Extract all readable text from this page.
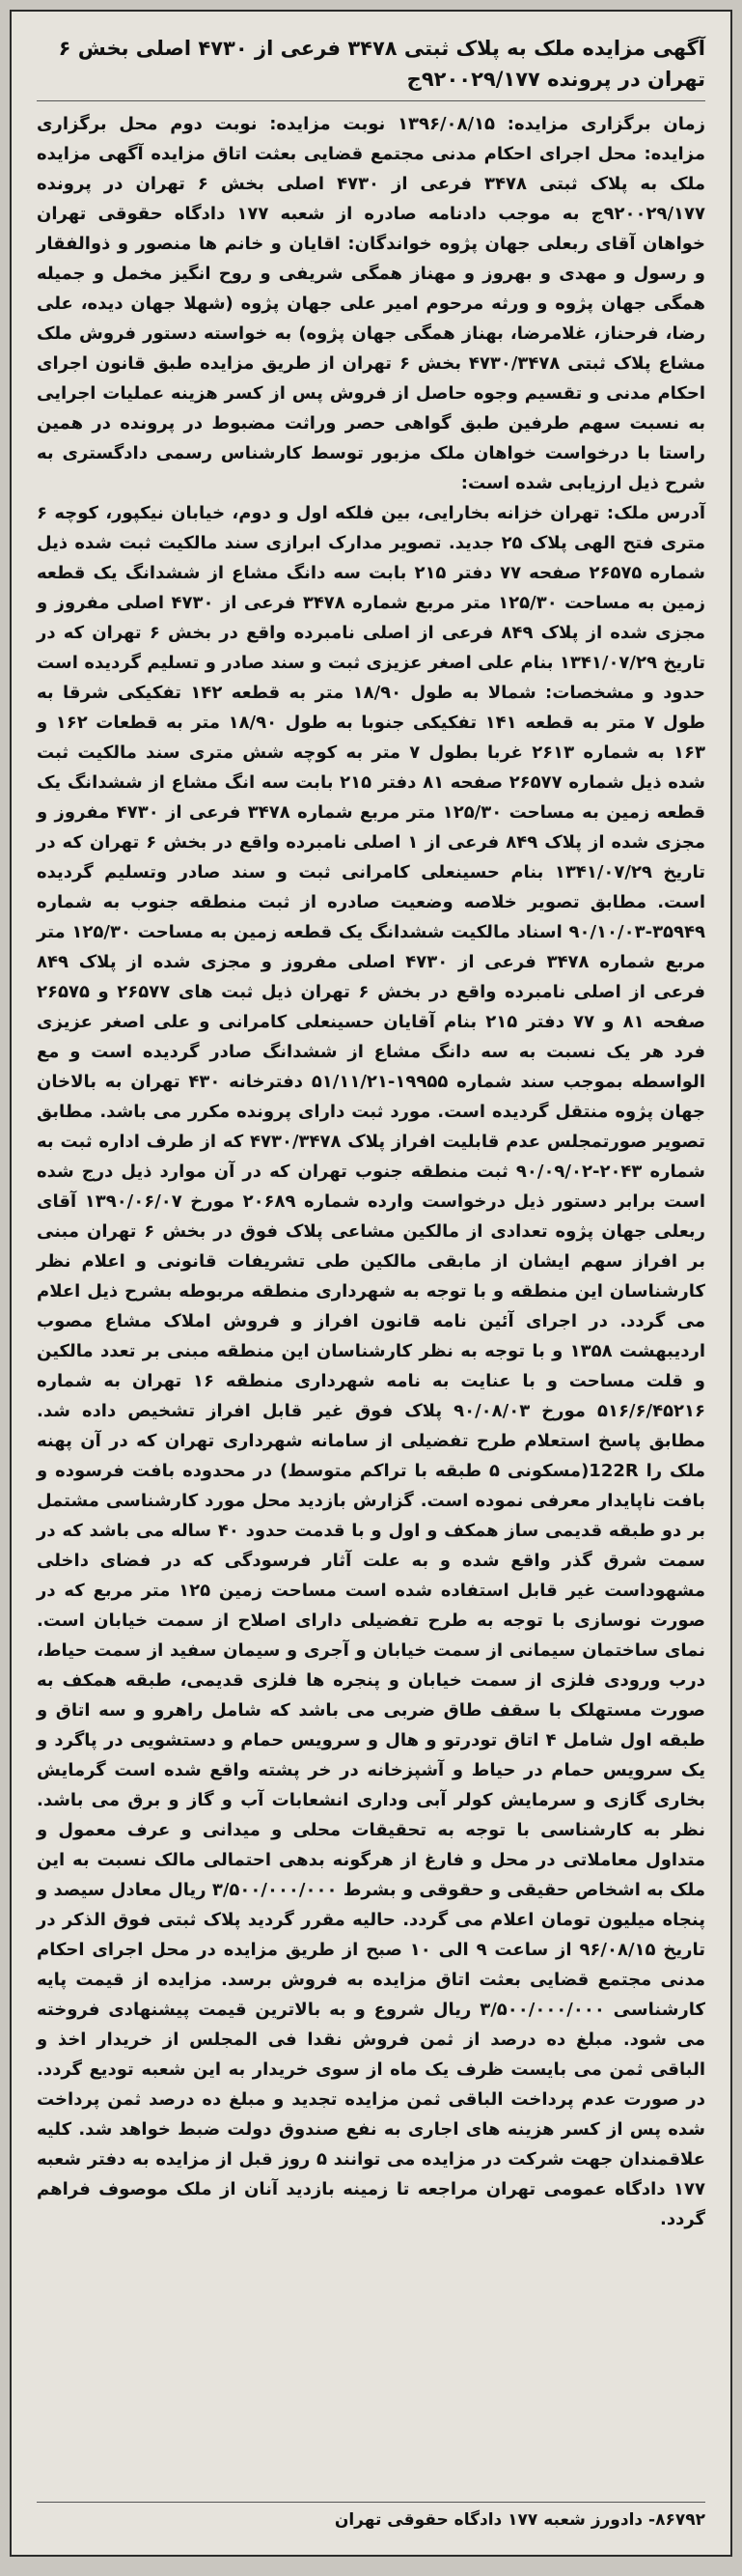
آگهی مزایده ملک به پلاک ثبتی ۳۴۷۸ فرعی از ۴۷۳۰ اصلی بخش ۶ تهران در پرونده ۹۲۰۰۲۹/۱۷۷ج

زمان برگزاری مزایده: ۱۳۹۶/۰۸/۱۵ نوبت مزایده: نوبت دوم محل برگزاری مزایده: محل اجرای احکام مدنی مجتمع قضایی بعثت اتاق مزایده آگهی مزایده ملک به پلاک ثبتی ۳۴۷۸ فرعی از ۴۷۳۰ اصلی بخش ۶ تهران در پرونده ۹۲۰۰۲۹/۱۷۷ج به موجب دادنامه صادره از شعبه ۱۷۷ دادگاه حقوقی تهران خواهان آقای ربعلی جهان پژوه خواندگان: اقایان و خانم ها منصور و ذوالفقار و رسول و مهدی و بهروز و مهناز همگی شریفی و روح انگیز مخمل و جمیله همگی جهان پژوه و ورثه مرحوم امیر علی جهان پژوه (شهلا جهان دیده، علی رضا، فرحناز، غلامرضا، بهناز همگی جهان پژوه) به خواسته دستور فروش ملک مشاع پلاک ثبتی ۴۷۳۰/۳۴۷۸ بخش ۶ تهران از طریق مزایده طبق قانون اجرای احکام مدنی و تقسیم وجوه حاصل از فروش پس از کسر هزینه عملیات اجرایی به نسبت سهم طرفین طبق گواهی حصر وراثت مضبوط در پرونده در همین راستا با درخواست خواهان ملک مزبور توسط کارشناس رسمی دادگستری به شرح ذیل ارزیابی شده است:

آدرس ملک: تهران خزانه بخارایی، بین فلکه اول و دوم، خیابان نیکپور، کوچه ۶ متری فتح الهی پلاک ۲۵ جدید. تصویر مدارک ابرازی سند مالکیت ثبت شده ذیل شماره ۲۶۵۷۵ صفحه ۷۷ دفتر ۲۱۵ بابت سه دانگ مشاع از ششدانگ یک قطعه زمین به مساحت ۱۲۵/۳۰ متر مربع شماره ۳۴۷۸ فرعی از ۴۷۳۰ اصلی مفروز و مجزی شده از پلاک ۸۴۹ فرعی از اصلی نامبرده واقع در بخش ۶ تهران که در تاریخ ۱۳۴۱/۰۷/۲۹ بنام علی اصغر عزیزی ثبت و سند صادر و تسلیم گردیده است حدود و مشخصات: شمالا به طول ۱۸/۹۰ متر به قطعه ۱۴۲ تفکیکی شرقا به طول ۷ متر به قطعه ۱۴۱ تفکیکی جنوبا به طول ۱۸/۹۰ متر به قطعات ۱۶۲ و ۱۶۳ به شماره ۲۶۱۳ غربا بطول ۷ متر به کوچه شش متری سند مالکیت ثبت شده ذیل شماره ۲۶۵۷۷ صفحه ۸۱ دفتر ۲۱۵ بابت سه انگ مشاع از ششدانگ یک قطعه زمین به مساحت ۱۲۵/۳۰ متر مربع شماره ۳۴۷۸ فرعی از ۴۷۳۰ مفروز و مجزی شده از پلاک ۸۴۹ فرعی از ۱ اصلی نامبرده واقع در بخش ۶ تهران که در تاریخ ۱۳۴۱/۰۷/۲۹ بنام حسینعلی کامرانی ثبت و سند صادر وتسلیم گردیده است. مطابق تصویر خلاصه وضعیت صادره از ثبت منطقه جنوب به شماره ۳۵۹۴۹-۹۰/۱۰/۰۳ اسناد مالکیت ششدانگ یک قطعه زمین به مساحت ۱۲۵/۳۰ متر مربع شماره ۳۴۷۸ فرعی از ۴۷۳۰ اصلی مفروز و مجزی شده از پلاک ۸۴۹ فرعی از اصلی نامبرده واقع در بخش ۶ تهران ذیل ثبت های ۲۶۵۷۷ و ۲۶۵۷۵ صفحه ۸۱ و ۷۷ دفتر ۲۱۵ بنام آقایان حسینعلی کامرانی و علی اصغر عزیزی فرد هر یک نسبت به سه دانگ مشاع از ششدانگ صادر گردیده است و مع الواسطه بموجب سند شماره ۱۹۹۵۵-۵۱/۱۱/۲۱ دفترخانه ۴۳۰ تهران به بالاخان جهان پژوه منتقل گردیده است. مورد ثبت دارای پرونده مکرر می باشد. مطابق تصویر صورتمجلس عدم قابلیت افراز پلاک ۴۷۳۰/۳۴۷۸ که از طرف اداره ثبت به شماره ۲۰۴۳-۹۰/۰۹/۰۲ ثبت منطقه جنوب تهران که در آن موارد ذیل درج شده است برابر دستور ذیل درخواست وارده شماره ۲۰۶۸۹ مورخ ۱۳۹۰/۰۶/۰۷ آقای ربعلی جهان پژوه تعدادی از مالکین مشاعی پلاک فوق در بخش ۶ تهران مبنی بر افراز سهم ایشان از مابقی مالکین طی تشریفات قانونی و اعلام نظر کارشناسان این منطقه و با توجه به شهرداری منطقه مربوطه بشرح ذیل اعلام می گردد. در اجرای آئین نامه قانون افراز و فروش املاک مشاع مصوب اردیبهشت ۱۳۵۸ و با توجه به نظر کارشناسان این منطقه مبنی بر تعدد مالکین و قلت مساحت و با عنایت به نامه شهرداری منطقه ۱۶ تهران به شماره ۵۱۶/۶/۴۵۲۱۶ مورخ ۹۰/۰۸/۰۳ پلاک فوق غیر قابل افراز تشخیص داده شد. مطابق پاسخ استعلام طرح تفضیلی از سامانه شهرداری تهران که در آن پهنه ملک را 122R(مسکونی ۵ طبقه با تراکم متوسط) در محدوده بافت فرسوده و بافت ناپایدار معرفی نموده است. گزارش بازدید محل مورد کارشناسی مشتمل بر دو طبقه قدیمی ساز همکف و اول و با قدمت حدود ۴۰ ساله می باشد که در سمت شرق گذر واقع شده و به علت آثار فرسودگی که در فضای داخلی مشهوداست غیر قابل استفاده شده است مساحت زمین ۱۲۵ متر مربع که در صورت نوسازی با توجه به طرح تفضیلی دارای اصلاح از سمت خیابان است. نمای ساختمان سیمانی از سمت خیابان و آجری و سیمان سفید از سمت حیاط، درب ورودی فلزی از سمت خیابان و پنجره ها فلزی قدیمی، طبقه همکف به صورت مستهلک با سقف طاق ضربی می باشد که شامل راهرو و سه اتاق و طبقه اول شامل ۴ اتاق تودرتو و هال و سرویس حمام و دستشویی در پاگرد و یک سرویس حمام در حیاط و آشپزخانه در خر پشته واقع شده است گرمایش بخاری گازی و سرمایش کولر آبی وداری انشعابات آب و گاز و برق می باشد. نظر به کارشناسی با توجه به تحقیقات محلی و میدانی و عرف معمول و متداول معاملاتی در محل و فارغ از هرگونه بدهی احتمالی مالک نسبت به این ملک به اشخاص حقیقی و حقوقی و بشرط ۳/۵۰۰/۰۰۰/۰۰۰ ریال معادل سیصد و پنجاه میلیون تومان اعلام می گردد. حالیه مقرر گردید پلاک ثبتی فوق الذکر در تاریخ ۹۶/۰۸/۱۵ از ساعت ۹ الی ۱۰ صبح از طریق مزایده در محل اجرای احکام مدنی مجتمع قضایی بعثت اتاق مزایده به فروش برسد. مزایده از قیمت پایه کارشناسی ۳/۵۰۰/۰۰۰/۰۰۰ ریال شروع و به بالاترین قیمت پیشنهادی فروخته می شود. مبلغ ده درصد از ثمن فروش نقدا فی المجلس از خریدار اخذ و الباقی ثمن می بایست ظرف یک ماه از سوی خریدار به این شعبه تودیع گردد. در صورت عدم پرداخت الباقی ثمن مزایده تجدید و مبلغ ده درصد ثمن پرداخت شده پس از کسر هزینه های اجاری به نفع صندوق دولت ضبط خواهد شد. کلیه علاقمندان جهت شرکت در مزایده می توانند ۵ روز قبل از مزایده به دفتر شعبه ۱۷۷ دادگاه عمومی تهران مراجعه تا زمینه بازدید آنان از ملک موصوف فراهم گردد.

۸۶۷۹۲- دادورز شعبه ۱۷۷ دادگاه حقوقی تهران
